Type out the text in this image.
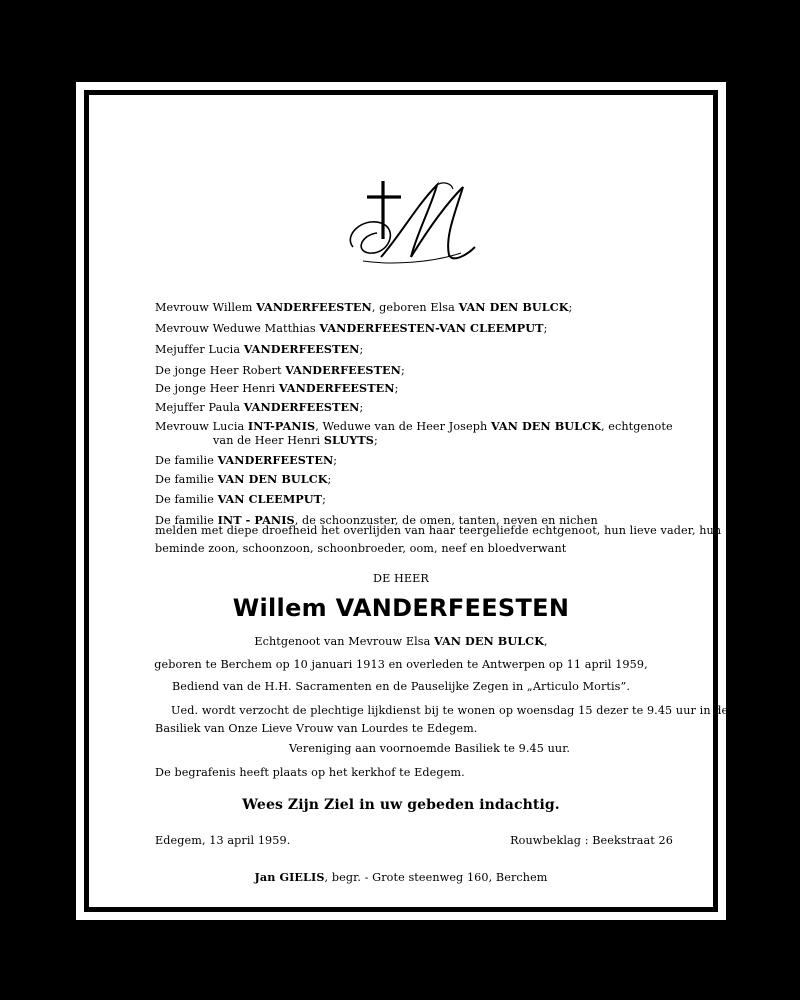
Mevrouw Willem VANDERFEESTEN, geboren Elsa VAN DEN BULCK;
Mevrouw Weduwe Matthias VANDERFEESTEN-VAN CLEEMPUT;
Mejuffer Lucia VANDERFEESTEN;
De jonge Heer Robert VANDERFEESTEN;
De jonge Heer Henri VANDERFEESTEN;
Mejuffer Paula VANDERFEESTEN;
Mevrouw Lucia INT-PANIS, Weduwe van de Heer Joseph VAN DEN BULCK, echtgenote
van de Heer Henri SLUYTS;
De familie VANDERFEESTEN;
De familie VAN DEN BULCK;
De familie VAN CLEEMPUT;
De familie INT - PANIS, de schoonzuster, de omen, tanten, neven en nichen
melden met diepe droefheid het overlijden van haar teergeliefde echtgenoot, hun lieve vader, hun
beminde zoon, schoonzoon, schoonbroeder, oom, neef en bloedverwant
DE HEER
Willem VANDERFEESTEN
Echtgenoot van Mevrouw Elsa VAN DEN BULCK,
geboren te Berchem op 10 januari 1913 en overleden te Antwerpen op 11 april 1959,
Bediend van de H.H. Sacramenten en de Pauselijke Zegen in „Articulo Mortis”.
Ued. wordt verzocht de plechtige lijkdienst bij te wonen op woensdag 15 dezer te 9.45 uur in de
Basiliek van Onze Lieve Vrouw van Lourdes te Edegem.
Vereniging aan voornoemde Basiliek te 9.45 uur.
De begrafenis heeft plaats op het kerkhof te Edegem.
Wees Zijn Ziel in uw gebeden indachtig.
Edegem, 13 april 1959.	Rouwbeklag : Beekstraat 26
Jan GIELIS, begr. - Grote steenweg 160, Berchem
